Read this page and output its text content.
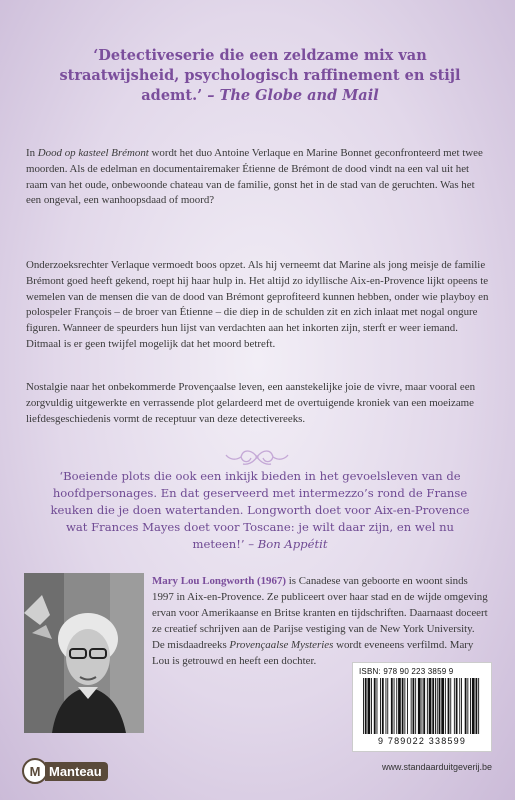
‘Detectiveserie die een zeldzame mix van straatwijsheid, psychologisch raffinement en stijl ademt.’ – The Globe and Mail

In Dood op kasteel Brémont wordt het duo Antoine Verlaque en Marine Bonnet geconfronteerd met twee moorden. Als de edelman en documentairemaker Étienne de Brémont de dood vindt na een val uit het raam van het oude, onbewoonde chateau van de familie, gonst het in de stad van de geruchten. Was het een ongeval, een wanhoopsdaad of moord?

Onderzoeksrechter Verlaque vermoedt boos opzet. Als hij verneemt dat Marine als jong meisje de familie Brémont goed heeft gekend, roept hij haar hulp in. Het altijd zo idyllische Aix-en-Provence lijkt opeens te wemelen van de mensen die van de dood van Brémont geprofiteerd kunnen hebben, onder wie playboy en polospeler François – de broer van Étienne – die diep in de schulden zit en zich inlaat met nogal ongure figuren. Wanneer de speurders hun lijst van verdachten aan het inkorten zijn, sterft er weer iemand. Ditmaal is er geen twijfel mogelijk dat het moord betreft.

Nostalgie naar het onbekommerde Provençaalse leven, een aanstekelijke joie de vivre, maar vooral een zorgvuldig uitgewerkte en verrassende plot gelardeerd met de overtuigende kroniek van een moeizame liefdesgeschiedenis vormt de receptuur van deze detectivereeks.

‘Boeiende plots die ook een inkijk bieden in het gevoelsleven van de hoofdpersonages. En dat geserveerd met intermezzo’s rond de Franse keuken die je doen watertanden. Longworth doet voor Aix-en-Provence wat Frances Mayes doet voor Toscane: je wilt daar zijn, en wel nu meteen!’ – Bon Appétit

Mary Lou Longworth (1967) is Canadese van geboorte en woont sinds 1997 in Aix-en-Provence. Ze publiceert over haar stad en de wijde omgeving ervan voor Amerikaanse en Britse kranten en tijdschriften. Daarnaast doceert ze creatief schrijven aan de Parijse vestiging van de New York University. De misdaadreeks Provençaalse Mysteries wordt eveneens verfilmd. Mary Lou is getrouwd en heeft een dochter.

ISBN: 978 90 223 3859 9
9 789022 338599
M Manteau	www.standaarduitgeverij.be
